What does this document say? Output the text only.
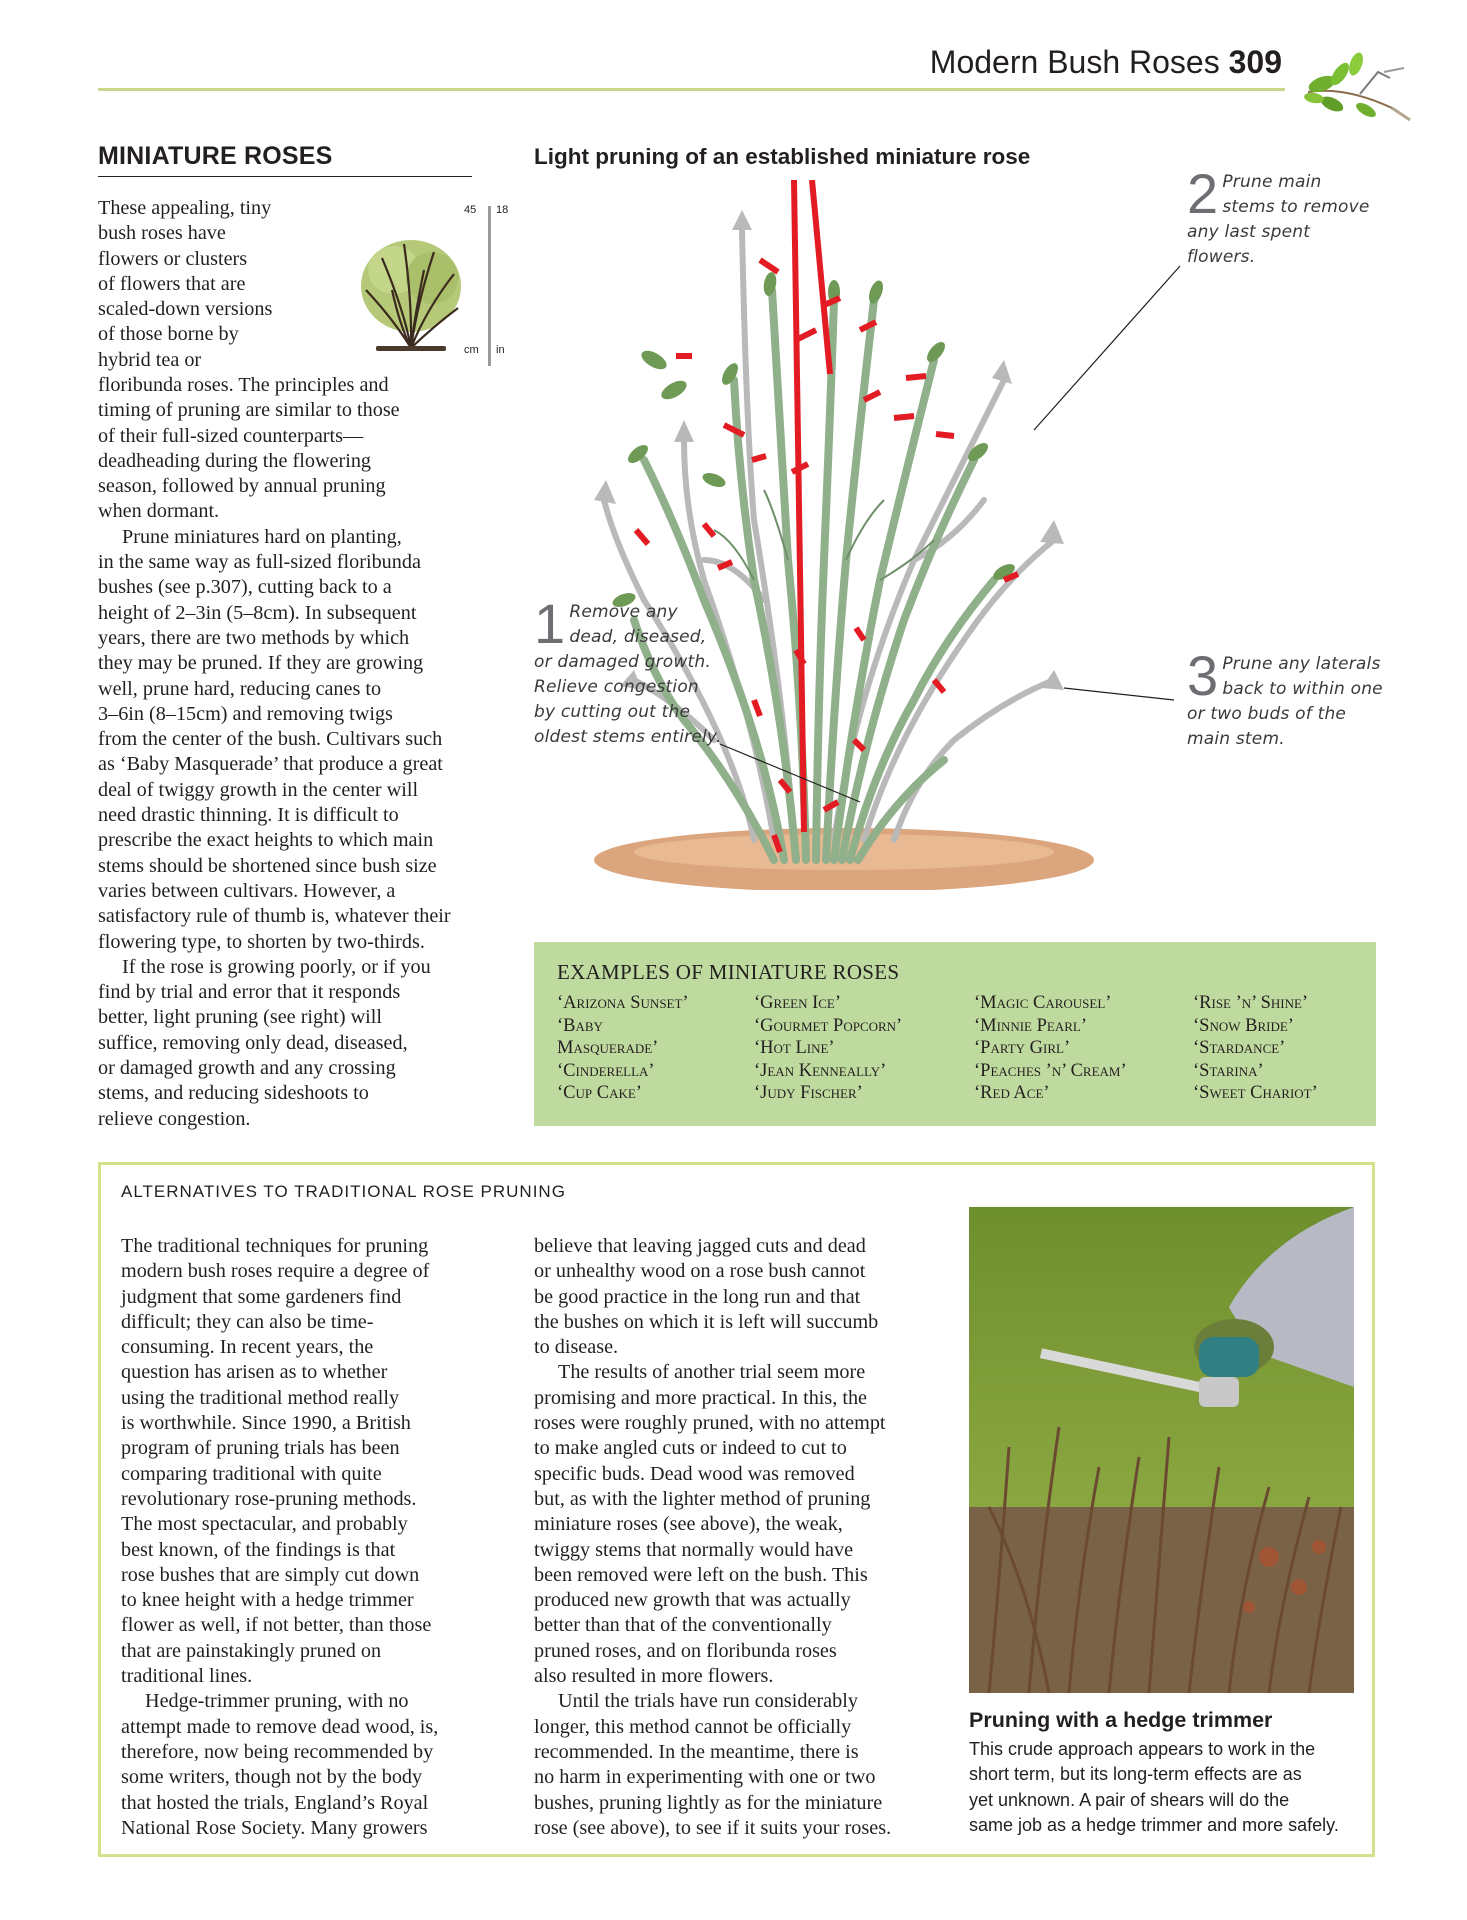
Modern Bush Roses 309
MINIATURE ROSES
45 18
cm in
These appealing, tiny
bush roses have
flowers or clusters
of flowers that are
scaled-down versions
of those borne by
hybrid tea or
floribunda roses. The principles and
timing of pruning are similar to those
of their full-sized counterparts—
deadheading during the flowering
season, followed by annual pruning
when dormant.
Prune miniatures hard on planting,
in the same way as full-sized floribunda
bushes (see p.307), cutting back to a
height of 2–3in (5–8cm). In subsequent
years, there are two methods by which
they may be pruned. If they are growing
well, prune hard, reducing canes to
3–6in (8–15cm) and removing twigs
from the center of the bush. Cultivars such
as ‘Baby Masquerade’ that produce a great
deal of twiggy growth in the center will
need drastic thinning. It is difficult to
prescribe the exact heights to which main
stems should be shortened since bush size
varies between cultivars. However, a
satisfactory rule of thumb is, whatever their
flowering type, to shorten by two-thirds.
If the rose is growing poorly, or if you
find by trial and error that it responds
better, light pruning (see right) will
suffice, removing only dead, diseased,
or damaged growth and any crossing
stems, and reducing sideshoots to
relieve congestion.
Light pruning of an established miniature rose
1 Remove any
dead, diseased,
or damaged growth.
Relieve congestion
by cutting out the
oldest stems entirely.
2 Prune main
stems to remove
any last spent
flowers.
3 Prune any laterals
back to within one
or two buds of the
main stem.
EXAMPLES OF MINIATURE ROSES
‘Arizona Sunset’
‘Baby
Masquerade’
‘Cinderella’
‘Cup Cake’
‘Green Ice’
‘Gourmet Popcorn’
‘Hot Line’
‘Jean Kenneally’
‘Judy Fischer’
‘Magic Carousel’
‘Minnie Pearl’
‘Party Girl’
‘Peaches ’n’ Cream’
‘Red Ace’
‘Rise ’n’ Shine’
‘Snow Bride’
‘Stardance’
‘Starina’
‘Sweet Chariot’
ALTERNATIVES TO TRADITIONAL ROSE PRUNING
The traditional techniques for pruning
modern bush roses require a degree of
judgment that some gardeners find
difficult; they can also be time-
consuming. In recent years, the
question has arisen as to whether
using the traditional method really
is worthwhile. Since 1990, a British
program of pruning trials has been
comparing traditional with quite
revolutionary rose-pruning methods.
The most spectacular, and probably
best known, of the findings is that
rose bushes that are simply cut down
to knee height with a hedge trimmer
flower as well, if not better, than those
that are painstakingly pruned on
traditional lines.
Hedge-trimmer pruning, with no
attempt made to remove dead wood, is,
therefore, now being recommended by
some writers, though not by the body
that hosted the trials, England’s Royal
National Rose Society. Many growers
believe that leaving jagged cuts and dead
or unhealthy wood on a rose bush cannot
be good practice in the long run and that
the bushes on which it is left will succumb
to disease.
The results of another trial seem more
promising and more practical. In this, the
roses were roughly pruned, with no attempt
to make angled cuts or indeed to cut to
specific buds. Dead wood was removed
but, as with the lighter method of pruning
miniature roses (see above), the weak,
twiggy stems that normally would have
been removed were left on the bush. This
produced new growth that was actually
better than that of the conventionally
pruned roses, and on floribunda roses
also resulted in more flowers.
Until the trials have run considerably
longer, this method cannot be officially
recommended. In the meantime, there is
no harm in experimenting with one or two
bushes, pruning lightly as for the miniature
rose (see above), to see if it suits your roses.
Pruning with a hedge trimmer
This crude approach appears to work in the
short term, but its long-term effects are as
yet unknown. A pair of shears will do the
same job as a hedge trimmer and more safely.
